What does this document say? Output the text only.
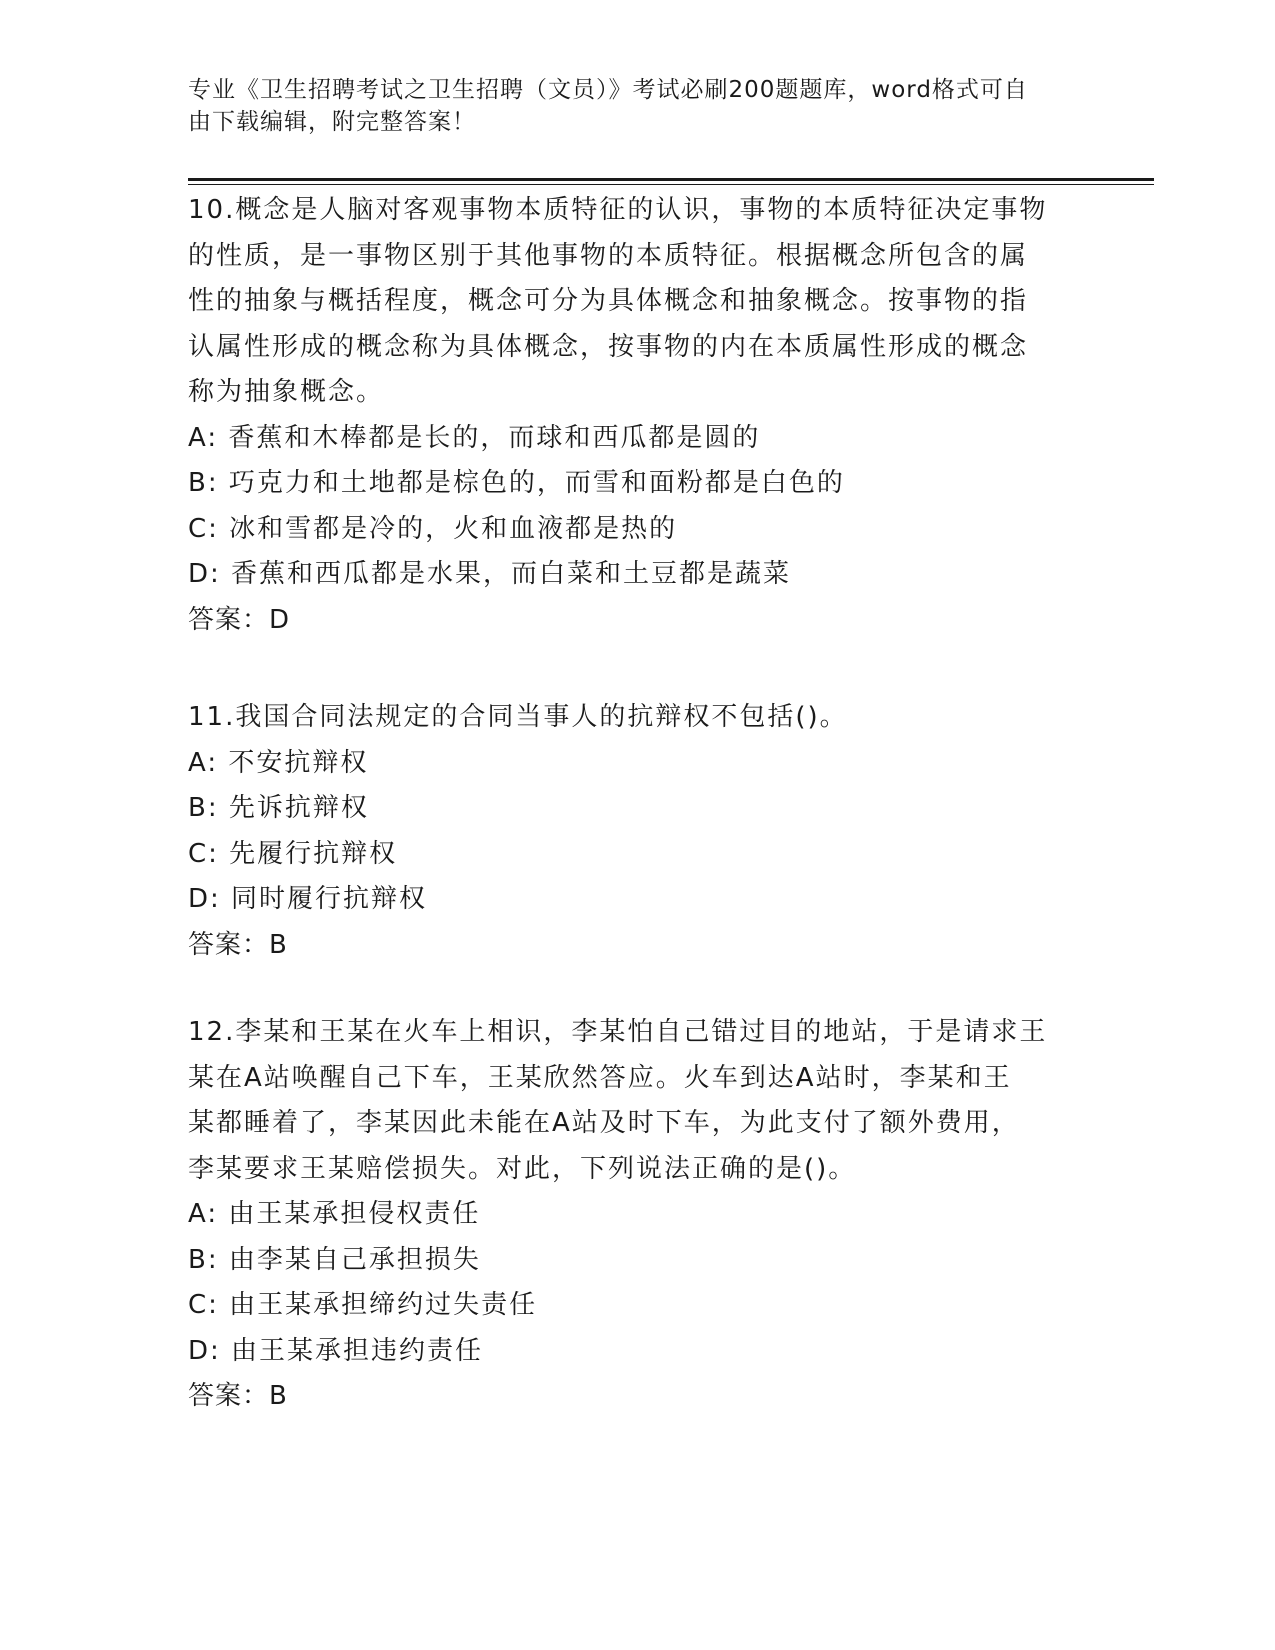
专业《卫生招聘考试之卫生招聘（文员）》考试必刷200题题库，word格式可自
由下载编辑，附完整答案！
10.概念是人脑对客观事物本质特征的认识，事物的本质特征决定事物
的性质，是一事物区别于其他事物的本质特征。根据概念所包含的属
性的抽象与概括程度，概念可分为具体概念和抽象概念。按事物的指
认属性形成的概念称为具体概念，按事物的内在本质属性形成的概念
称为抽象概念。
A: 香蕉和木棒都是长的，而球和西瓜都是圆的
B: 巧克力和土地都是棕色的，而雪和面粉都是白色的
C: 冰和雪都是冷的，火和血液都是热的
D: 香蕉和西瓜都是水果，而白菜和土豆都是蔬菜
答案：D
11.我国合同法规定的合同当事人的抗辩权不包括()。
A: 不安抗辩权
B: 先诉抗辩权
C: 先履行抗辩权
D: 同时履行抗辩权
答案：B
12.李某和王某在火车上相识，李某怕自己错过目的地站，于是请求王
某在A站唤醒自己下车，王某欣然答应。火车到达A站时，李某和王
某都睡着了，李某因此未能在A站及时下车，为此支付了额外费用，
李某要求王某赔偿损失。对此，下列说法正确的是()。
A: 由王某承担侵权责任
B: 由李某自己承担损失
C: 由王某承担缔约过失责任
D: 由王某承担违约责任
答案：B
